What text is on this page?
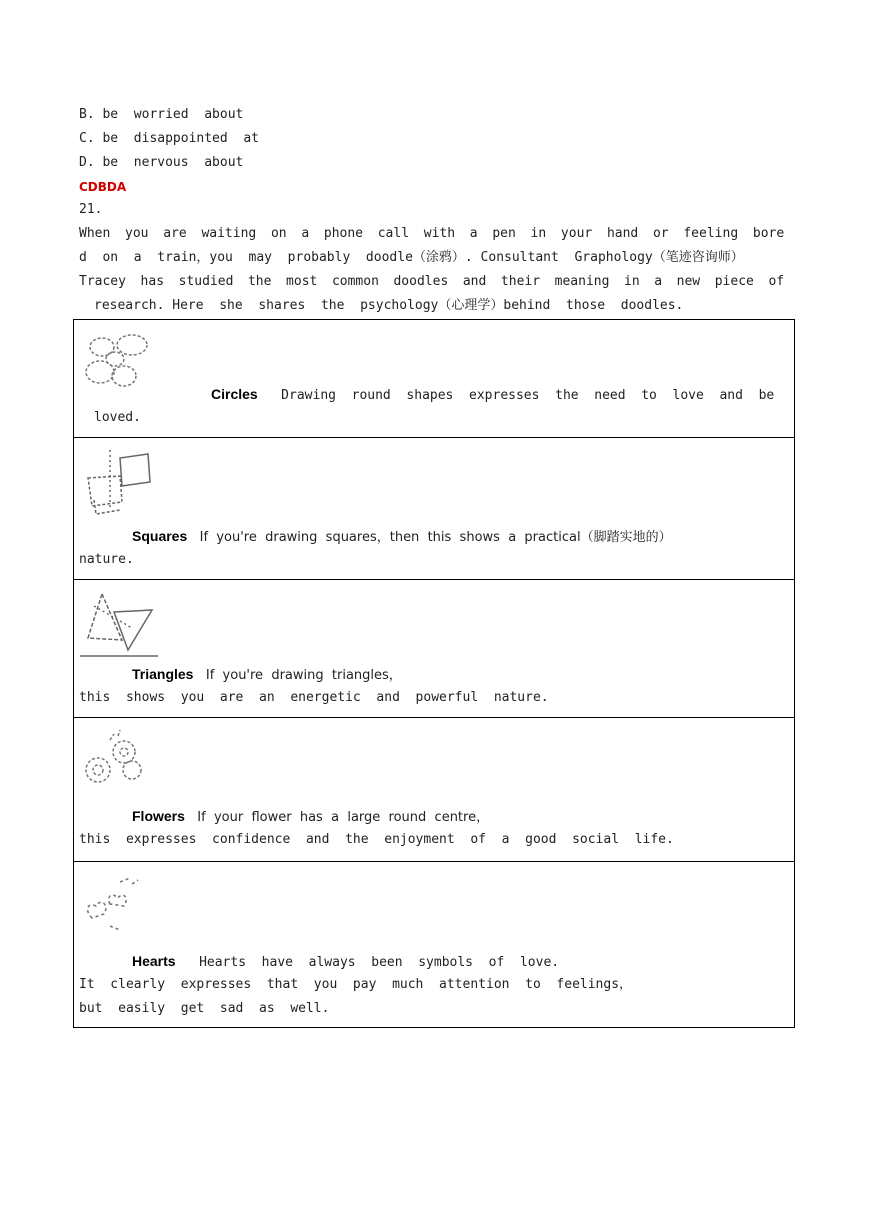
B. be  worried  about
C. be  disappointed  at
D. be  nervous  about
CDBDA
21.
When you are waiting on a phone call with a pen in your hand or feeling bore
d  on  a  train，you  may  probably  doodle（涂鸦）. Consultant  Graphology（笔迹咨询师）
Tracey has studied the most common doodles and their meaning in a new piece of
research. Here  she  shares  the  psychology（心理学）behind  those  doodles.
Circles   Drawing  round  shapes  expresses  the  need  to  love  and  be
loved.

Squares   If  you're  drawing  squares，then  this  shows  a  practical（脚踏实地的）
nature.

Triangles   If  you're  drawing  triangles，
this  shows  you  are  an  energetic  and  powerful  nature.

Flowers   If  your  flower  has  a  large  round  centre，
this  expresses  confidence  and  the  enjoyment  of  a  good  social  life.

Hearts   Hearts  have  always  been  symbols  of  love.
It  clearly  expresses  that  you  pay  much  attention  to  feelings，
but  easily  get  sad  as  well.
